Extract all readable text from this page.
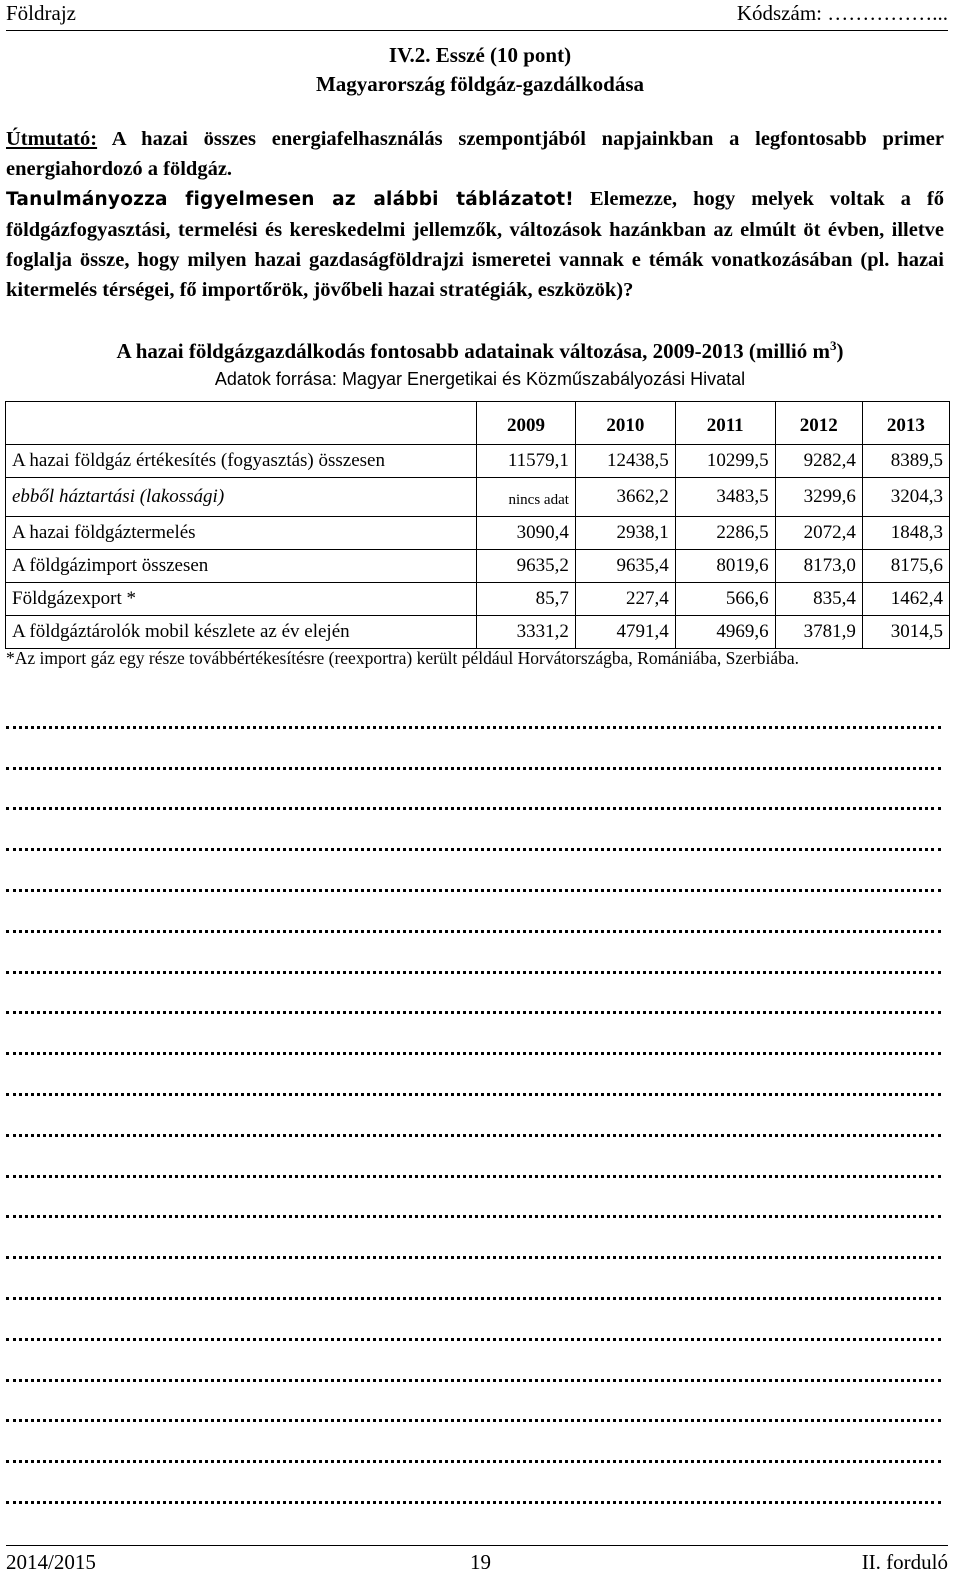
Földrajz	Kódszám: ……………...
IV.2. Esszé (10 pont)
Magyarország földgáz-gazdálkodása
Útmutató: A hazai összes energiafelhasználás szempontjából napjainkban a legfontosabb primer energiahordozó a földgáz.
Tanulmányozza figyelmesen az alábbi táblázatot! Elemezze, hogy melyek voltak a fő földgázfogyasztási, termelési és kereskedelmi jellemzők, változások hazánkban az elmúlt öt évben, illetve foglalja össze, hogy milyen hazai gazdaságföldrajzi ismeretei vannak e témák vonatkozásában (pl. hazai kitermelés térségei, fő importőrök, jövőbeli hazai stratégiák, eszközök)?
A hazai földgázgazdálkodás fontosabb adatainak változása, 2009-2013 (millió $m^3$)
Adatok forrása: Magyar Energetikai és Közműszabályozási Hivatal
	2009	2010	2011	2012	2013
A hazai földgáz értékesítés (fogyasztás) összesen	11579,1	12438,5	10299,5	9282,4	8389,5
ebből háztartási (lakossági)	nincs adat	3662,2	3483,5	3299,6	3204,3
A hazai földgáztermelés	3090,4	2938,1	2286,5	2072,4	1848,3
A földgázimport összesen	9635,2	9635,4	8019,6	8173,0	8175,6
Földgázexport *	85,7	227,4	566,6	835,4	1462,4
A földgáztárolók mobil készlete az év elején	3331,2	4791,4	4969,6	3781,9	3014,5
*Az import gáz egy része továbbértékesítésre (reexportra) került például Horvátországba, Romániába, Szerbiába.
2014/2015	19	II. forduló
